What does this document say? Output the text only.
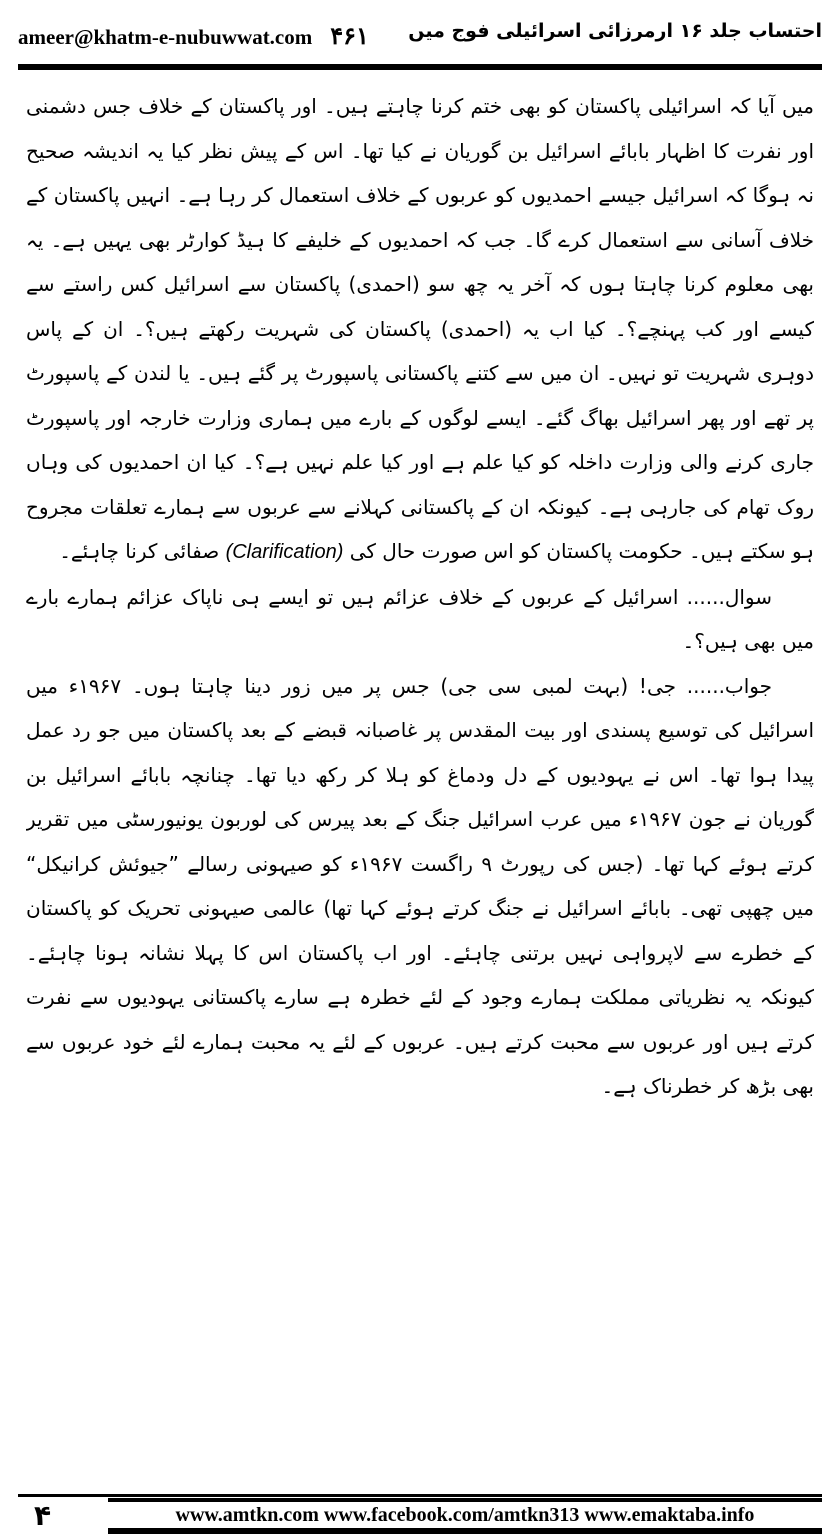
ameer@khatm-e-nubuwwat.com ۴۶۱ احتساب جلد ۱۶ ارمرزائی اسرائیلی فوج میں

میں آیا کہ اسرائیلی پاکستان کو بھی ختم کرنا چاہتے ہیں۔ اور پاکستان کے خلاف جس دشمنی اور نفرت کا اظہار بابائے اسرائیل بن گوریان نے کیا تھا۔ اس کے پیش نظر کیا یہ اندیشہ صحیح نہ ہوگا کہ اسرائیل جیسے احمدیوں کو عربوں کے خلاف استعمال کر رہا ہے۔ انہیں پاکستان کے خلاف آسانی سے استعمال کرے گا۔ جب کہ احمدیوں کے خلیفے کا ہیڈ کوارٹر بھی یہیں ہے۔ یہ بھی معلوم کرنا چاہتا ہوں کہ آخر یہ چھ سو (احمدی) پاکستان سے اسرائیل کس راستے سے کیسے اور کب پہنچے؟۔ کیا اب یہ (احمدی) پاکستان کی شہریت رکھتے ہیں؟۔ ان کے پاس دوہری شہریت تو نہیں۔ ان میں سے کتنے پاکستانی پاسپورٹ پر گئے ہیں۔ یا لندن کے پاسپورٹ پر تھے اور پھر اسرائیل بھاگ گئے۔ ایسے لوگوں کے بارے میں ہماری وزارت خارجہ اور پاسپورٹ جاری کرنے والی وزارت داخلہ کو کیا علم ہے اور کیا علم نہیں ہے؟۔ کیا ان احمدیوں کی وہاں روک تھام کی جارہی ہے۔ کیونکہ ان کے پاکستانی کہلانے سے عربوں سے ہمارے تعلقات مجروح ہو سکتے ہیں۔ حکومت پاکستان کو اس صورت حال کی (Clarification) صفائی کرنا چاہئے۔

سوال...... اسرائیل کے عربوں کے خلاف عزائم ہیں تو ایسے ہی ناپاک عزائم ہمارے بارے میں بھی ہیں؟۔

جواب...... جی! (بہت لمبی سی جی) جس پر میں زور دینا چاہتا ہوں۔ ۱۹۶۷ء میں اسرائیل کی توسیع پسندی اور بیت المقدس پر غاصبانہ قبضے کے بعد پاکستان میں جو رد عمل پیدا ہوا تھا۔ اس نے یہودیوں کے دل ودماغ کو ہلا کر رکھ دیا تھا۔ چنانچہ بابائے اسرائیل بن گوریان نے جون ۱۹۶۷ء میں عرب اسرائیل جنگ کے بعد پیرس کی لوربون یونیورسٹی میں تقریر کرتے ہوئے کہا تھا۔ (جس کی رپورٹ ۹ راگست ۱۹۶۷ء کو صیہونی رسالے ”جیوئش کرانیکل“ میں چھپی تھی۔ بابائے اسرائیل نے جنگ کرتے ہوئے کہا تھا) عالمی صیہونی تحریک کو پاکستان کے خطرے سے لاپرواہی نہیں برتنی چاہئے۔ اور اب پاکستان اس کا پہلا نشانہ ہونا چاہئے۔ کیونکہ یہ نظریاتی مملکت ہمارے وجود کے لئے خطرہ ہے سارے پاکستانی یہودیوں سے نفرت کرتے ہیں اور عربوں سے محبت کرتے ہیں۔ عربوں کے لئے یہ محبت ہمارے لئے خود عربوں سے بھی بڑھ کر خطرناک ہے۔

۴	www.amtkn.com www.facebook.com/amtkn313 www.emaktaba.info
